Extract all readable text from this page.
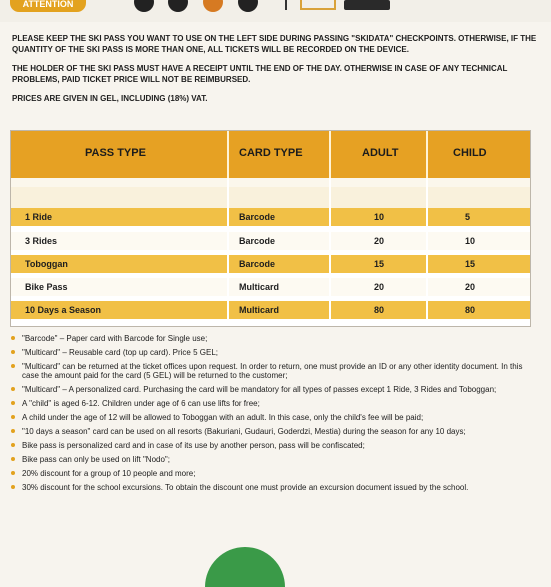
ATTENTION

PLEASE KEEP THE SKI PASS YOU WANT TO USE ON THE LEFT SIDE DURING PASSING "SKIDATA" CHECKPOINTS. OTHERWISE, IF THE QUANTITY OF THE SKI PASS IS MORE THAN ONE, ALL TICKETS WILL BE RECORDED ON THE DEVICE.

THE HOLDER OF THE SKI PASS MUST HAVE A RECEIPT UNTIL THE END OF THE DAY. OTHERWISE IN CASE OF ANY TECHNICAL PROBLEMS, PAID TICKET PRICE WILL NOT BE REIMBURSED.

PRICES ARE GIVEN IN GEL, INCLUDING (18%) VAT.

PASS TYPE	CARD TYPE	ADULT	CHILD
1 Ride	Barcode	10	5
3 Rides	Barcode	20	10
Toboggan	Barcode	15	15
Bike Pass	Multicard	20	20
10 Days a Season	Multicard	80	80
"Barcode" – Paper card with Barcode for Single use;
"Multicard" – Reusable card (top up card). Price 5 GEL;
"Multicard" can be returned at the ticket offices upon request. In order to return, one must provide an ID or any other identity document. In this case the amount paid for the card (5 GEL) will be returned to the customer;
"Multicard" – A personalized card. Purchasing the card will be mandatory for all types of passes except 1 Ride, 3 Rides and Toboggan;
A "child" is aged 6-12. Children under age of 6 can use lifts for free;
A child under the age of 12 will be allowed to Toboggan with an adult. In this case, only the child's fee will be paid;
"10 days a season" card can be used on all resorts (Bakuriani, Gudauri, Goderdzi, Mestia) during the season for any 10 days;
Bike pass is personalized card and in case of its use by another person, pass will be confiscated;
Bike pass can only be used on lift "Nodo";
20% discount for a group of 10 people and more;
30% discount for the school excursions. To obtain the discount one must provide an excursion document issued by the school.
